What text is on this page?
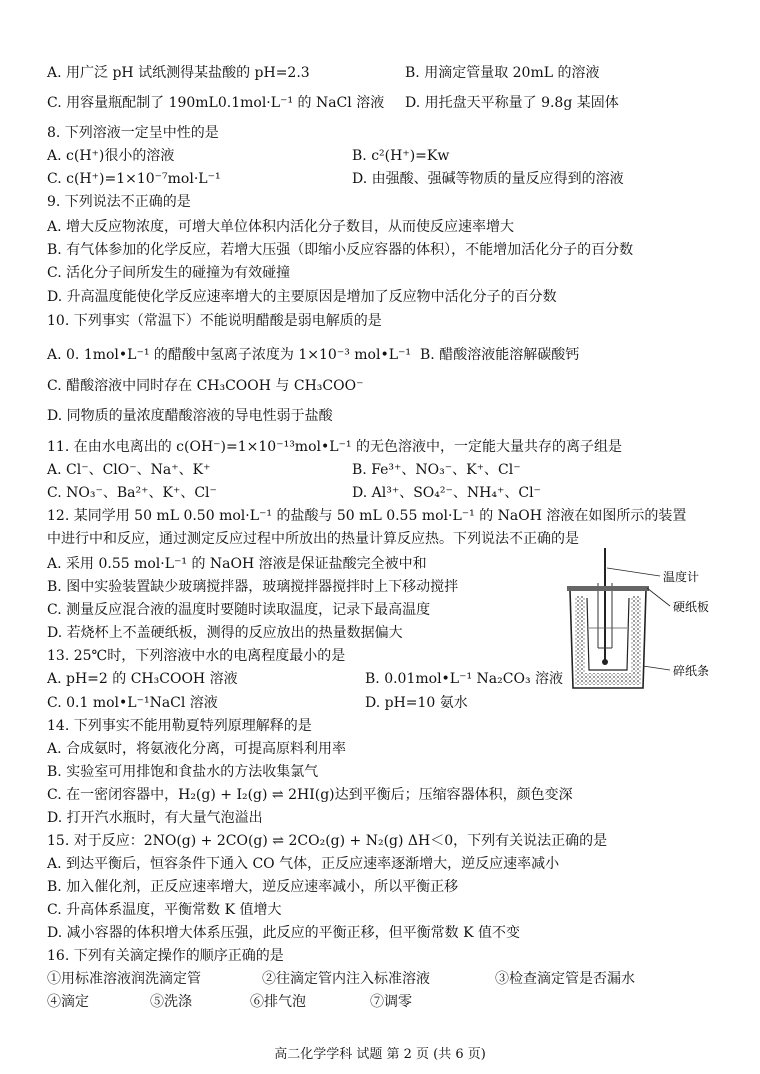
A. 用广泛 pH 试纸测得某盐酸的 pH=2.3	B. 用滴定管量取 20mL 的溶液
C. 用容量瓶配制了 190mL0.1mol·L⁻¹ 的 NaCl 溶液 D. 用托盘天平称量了 9.8g 某固体
8. 下列溶液一定呈中性的是
A. c(H⁺)很小的溶液	B. c²(H⁺)=Kw
C. c(H⁺)=1×10⁻⁷mol·L⁻¹	D. 由强酸、强碱等物质的量反应得到的溶液
9. 下列说法不正确的是
A. 增大反应物浓度，可增大单位体积内活化分子数目，从而使反应速率增大
B. 有气体参加的化学反应，若增大压强（即缩小反应容器的体积），不能增加活化分子的百分数
C. 活化分子间所发生的碰撞为有效碰撞
D. 升高温度能使化学反应速率增大的主要原因是增加了反应物中活化分子的百分数
10. 下列事实（常温下）不能说明醋酸是弱电解质的是
A. 0. 1mol•L⁻¹ 的醋酸中氢离子浓度为 1×10⁻³ mol•L⁻¹ B. 醋酸溶液能溶解碳酸钙
C. 醋酸溶液中同时存在 CH₃COOH 与 CH₃COO⁻
D. 同物质的量浓度醋酸溶液的导电性弱于盐酸
11. 在由水电离出的 c(OH⁻)=1×10⁻¹³mol•L⁻¹ 的无色溶液中，一定能大量共存的离子组是
A. Cl⁻、ClO⁻、Na⁺、K⁺	B. Fe³⁺、NO₃⁻、K⁺、Cl⁻
C. NO₃⁻、Ba²⁺、K⁺、Cl⁻	D. Al³⁺、SO₄²⁻、NH₄⁺、Cl⁻
12. 某同学用 50 mL 0.50 mol·L⁻¹ 的盐酸与 50 mL 0.55 mol·L⁻¹ 的 NaOH 溶液在如图所示的装置
中进行中和反应，通过测定反应过程中所放出的热量计算反应热。下列说法不正确的是
A. 采用 0.55 mol·L⁻¹ 的 NaOH 溶液是保证盐酸完全被中和
B. 图中实验装置缺少玻璃搅拌器，玻璃搅拌器搅拌时上下移动搅拌
C. 测量反应混合液的温度时要随时读取温度，记录下最高温度
D. 若烧杯上不盖硬纸板，测得的反应放出的热量数据偏大
13. 25℃时，下列溶液中水的电离程度最小的是
A. pH=2 的 CH₃COOH 溶液	B. 0.01mol•L⁻¹ Na₂CO₃ 溶液
C. 0.1 mol•L⁻¹NaCl 溶液	D. pH=10 氨水
14. 下列事实不能用勒夏特列原理解释的是
A. 合成氨时，将氨液化分离，可提高原料利用率
B. 实验室可用排饱和食盐水的方法收集氯气
C. 在一密闭容器中，H₂(g) + I₂(g) ⇌ 2HI(g)达到平衡后；压缩容器体积，颜色变深
D. 打开汽水瓶时，有大量气泡溢出
15. 对于反应：2NO(g) + 2CO(g) ⇌ 2CO₂(g) + N₂(g) ΔH＜0，下列有关说法正确的是
A. 到达平衡后，恒容条件下通入 CO 气体，正反应速率逐渐增大，逆反应速率减小
B. 加入催化剂，正反应速率增大，逆反应速率减小，所以平衡正移
C. 升高体系温度，平衡常数 K 值增大
D. 减小容器的体积增大体系压强，此反应的平衡正移，但平衡常数 K 值不变
16. 下列有关滴定操作的顺序正确的是
①用标准溶液润洗滴定管	②往滴定管内注入标准溶液	③检查滴定管是否漏水
④滴定	⑤洗涤	⑥排气泡	⑦调零
温度计
硬纸板
碎纸条
高二化学学科 试题 第 2 页 (共 6 页)
